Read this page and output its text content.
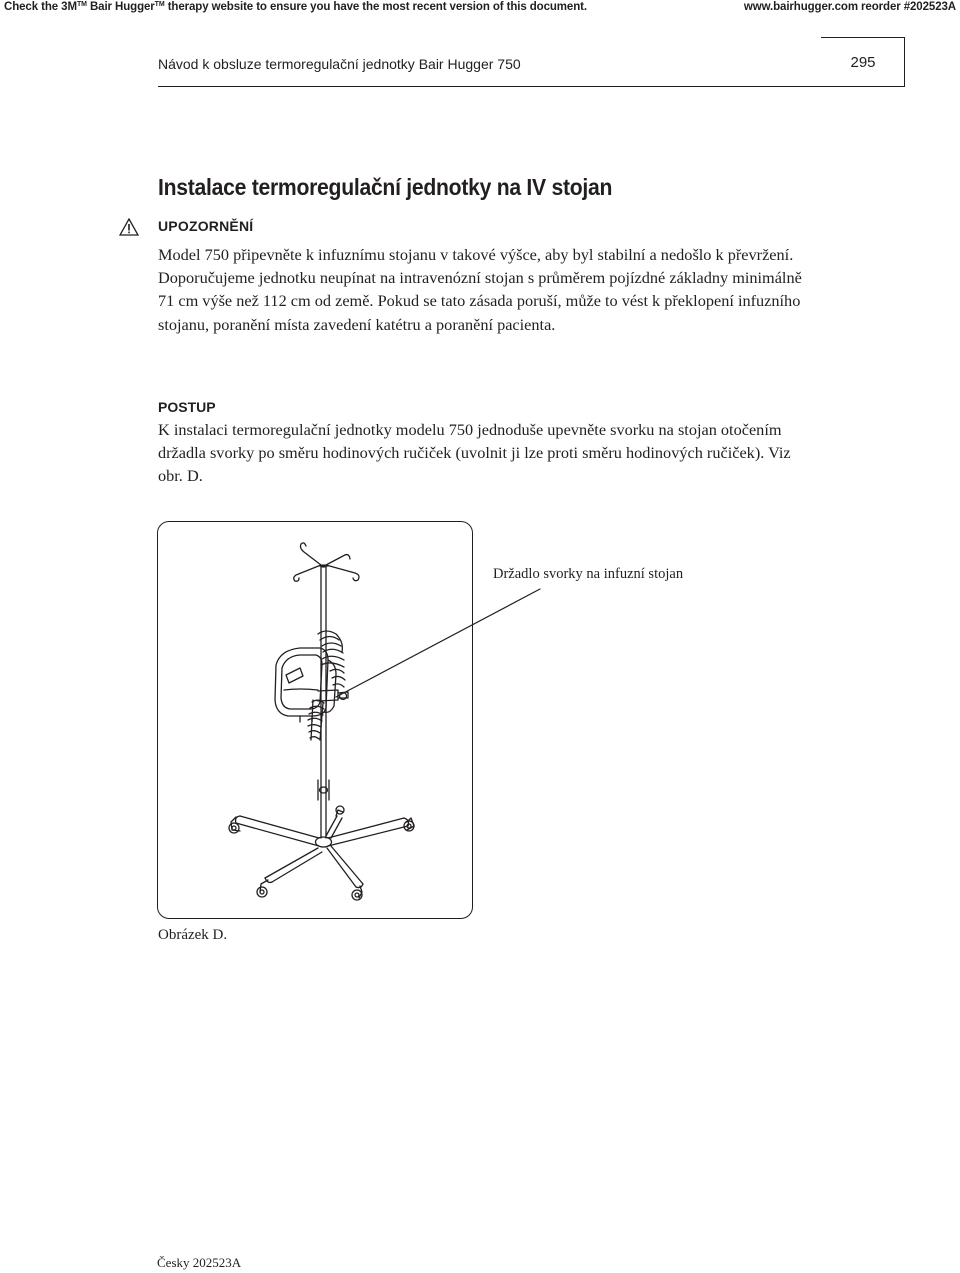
Check the 3M™ Bair Hugger™ therapy website to ensure you have the most recent version of this document.	www.bairhugger.com reorder #202523A
Návod k obsluze termoregulační jednotky Bair Hugger 750	295
Instalace termoregulační jednotky na IV stojan
UPOZORNĚNÍ
Model 750 připevněte k infuznímu stojanu v takové výšce, aby byl stabilní a nedošlo k převržení. Doporučujeme jednotku neupínat na intravenózní stojan s průměrem pojízdné základny minimálně 71 cm výše než 112 cm od země. Pokud se tato zásada poruší, může to vést k překlopení infuzního stojanu, poranění místa zavedení katétru a poranění pacienta.
POSTUP
K instalaci termoregulační jednotky modelu 750 jednoduše upevněte svorku na stojan otočením držadla svorky po směru hodinových ručiček (uvolnit ji lze proti směru hodinových ručiček). Viz obr. D.
Držadlo svorky na infuzní stojan
Obrázek D.
Česky 202523A
